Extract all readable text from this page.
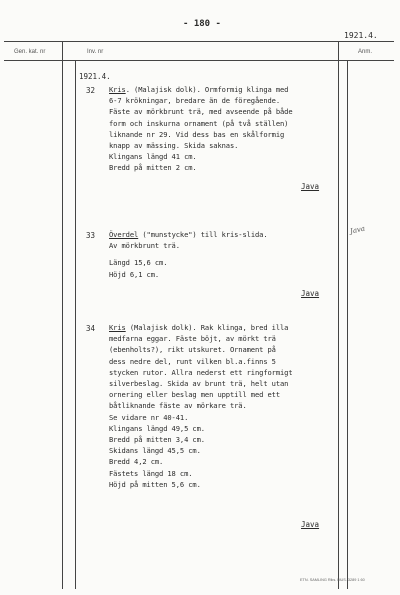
- 180 -
1921.4.
Gen. kat. nr	Inv. nr	Anm.
1921.4.
32 Kris. (Malajisk dolk). Ormformig klinga med
6-7 krökningar, bredare än de föregående.
Fäste av mörkbrunt trä, med avseende på både
form och inskurna ornament (på två ställen)
liknande nr 29. Vid dess bas en skålformig
knapp av mässing. Skida saknas.
Klingans längd 41 cm.
Bredd på mitten 2 cm.
Java
33 Överdel ("munstycke") till kris-slida.
Av mörkbrunt trä.
Längd 15,6 cm.
Höjd 6,1 cm.
Java
Java
34 Kris (Malajisk dolk). Rak klinga, bred illa
medfarna eggar. Fäste böjt, av mörkt trä
(ebenholts?), rikt utskuret. Ornament på
dess nedre del, runt vilken bl.a.finns 5
stycken rutor. Allra nederst ett ringformigt
silverbeslag. Skida av brunt trä, helt utan
ornering eller beslag men upptill med ett
båtliknande fäste av mörkare trä.
Se vidare nr 40-41.
Klingans längd 49,5 cm.
Bredd på mitten 3,4 cm.
Skidans längd 45,5 cm.
Bredd 4,2 cm.
Fästets längd 18 cm.
Höjd på mitten 5,6 cm.
Java
ETN. SAMLING Riks. MUS. 3289 1 60
